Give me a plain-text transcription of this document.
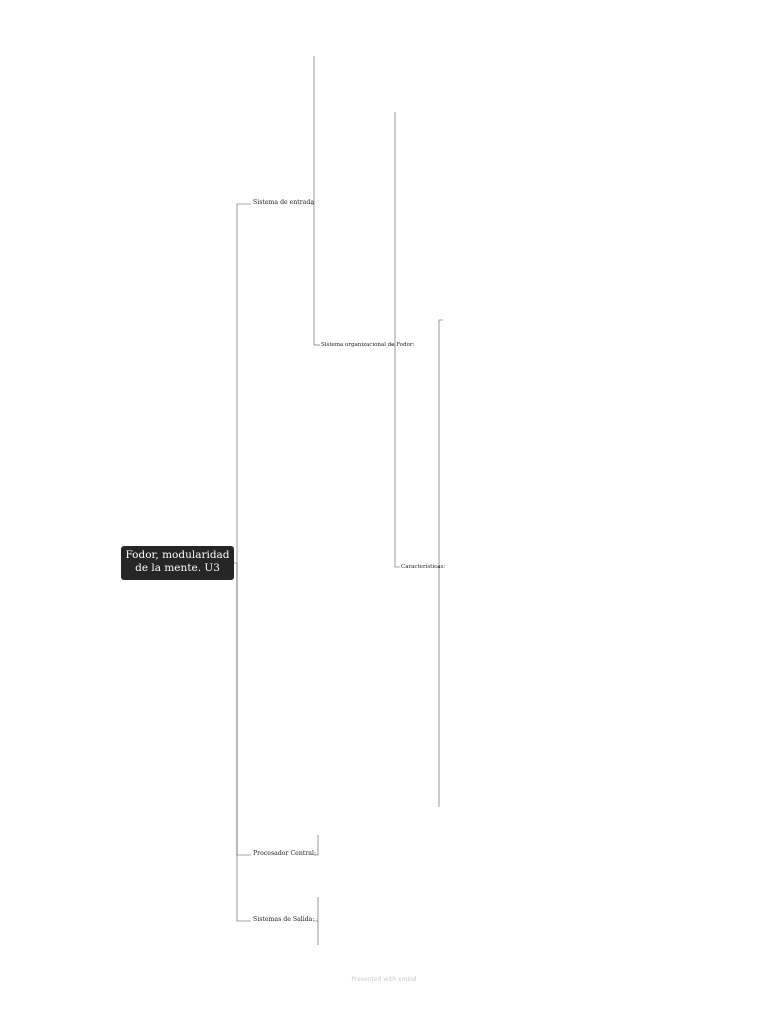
Fodor, modularidad
de la mente. U3
Sistema de entrada
Procesador Central:
Sistemas de Salida:
Sistema organizacional de Fodor:
Características:
Presented with xmind
